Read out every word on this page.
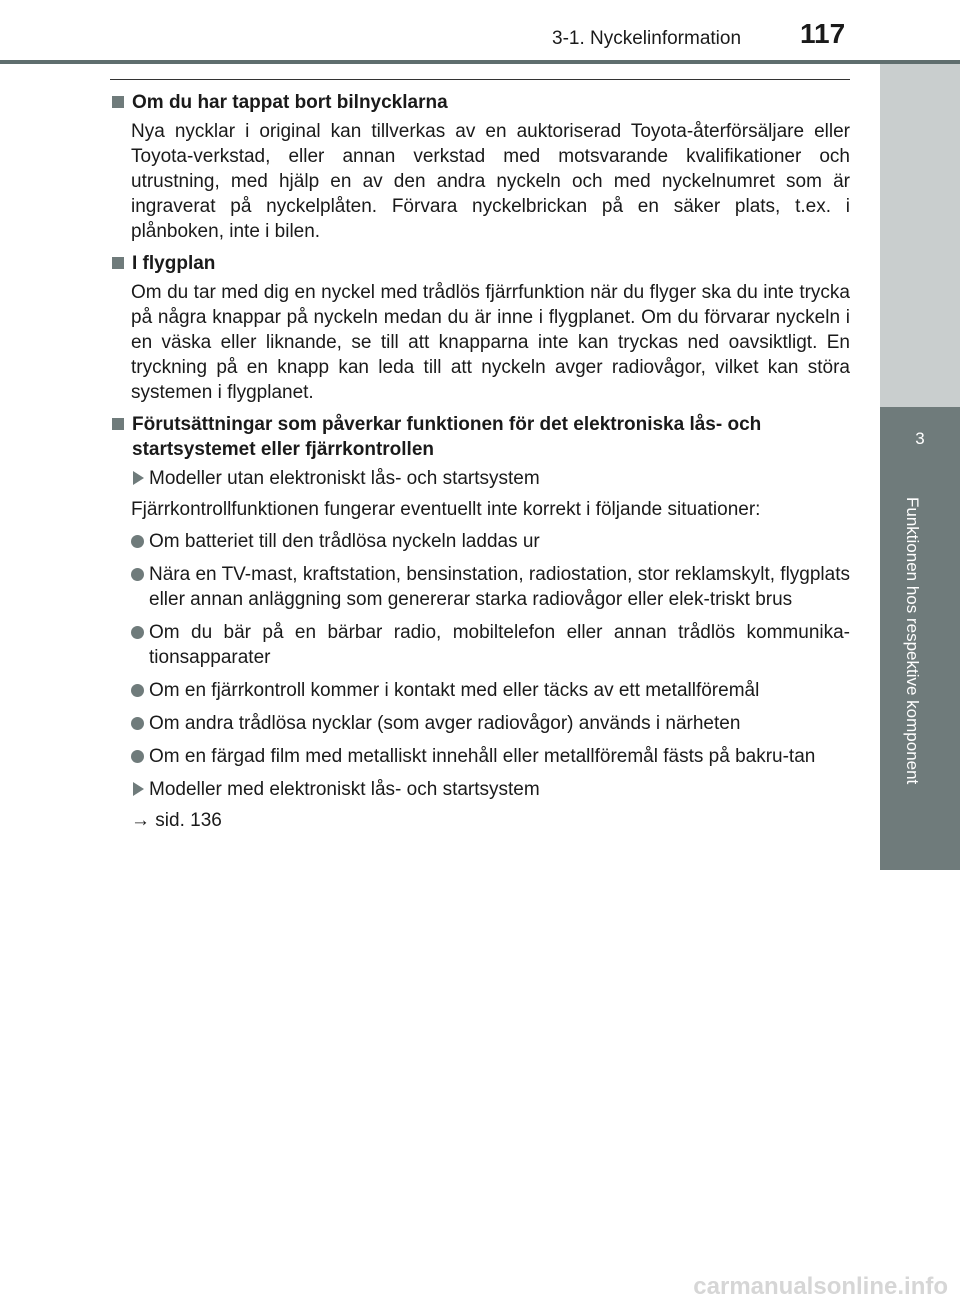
3-1. Nyckelinformation 117
3
Funktionen hos respektive komponent
Om du har tappat bort bilnycklarna
Nya nycklar i original kan tillverkas av en auktoriserad Toyota-återförsäljare eller Toyota-verkstad, eller annan verkstad med motsvarande kvalifikationer och utrustning, med hjälp en av den andra nyckeln och med nyckelnumret som är ingraverat på nyckelplåten. Förvara nyckelbrickan på en säker plats, t.ex. i plånboken, inte i bilen.
I flygplan
Om du tar med dig en nyckel med trådlös fjärrfunktion när du flyger ska du inte trycka på några knappar på nyckeln medan du är inne i flygplanet. Om du förvarar nyckeln i en väska eller liknande, se till att knapparna inte kan tryckas ned oavsiktligt. En tryckning på en knapp kan leda till att nyckeln avger radiovågor, vilket kan störa systemen i flygplanet.
Förutsättningar som påverkar funktionen för det elektroniska lås- och startsystemet eller fjärrkontrollen
Modeller utan elektroniskt lås- och startsystem
Fjärrkontrollfunktionen fungerar eventuellt inte korrekt i följande situationer:
Om batteriet till den trådlösa nyckeln laddas ur
Nära en TV-mast, kraftstation, bensinstation, radiostation, stor reklamskylt, flygplats eller annan anläggning som genererar starka radiovågor eller elek-triskt brus
Om du bär på en bärbar radio, mobiltelefon eller annan trådlös kommunika-tionsapparater
Om en fjärrkontroll kommer i kontakt med eller täcks av ett metallföremål
Om andra trådlösa nycklar (som avger radiovågor) används i närheten
Om en färgad film med metalliskt innehåll eller metallföremål fästs på bakru-tan
Modeller med elektroniskt lås- och startsystem
→ sid. 136
carmanualsonline.info
